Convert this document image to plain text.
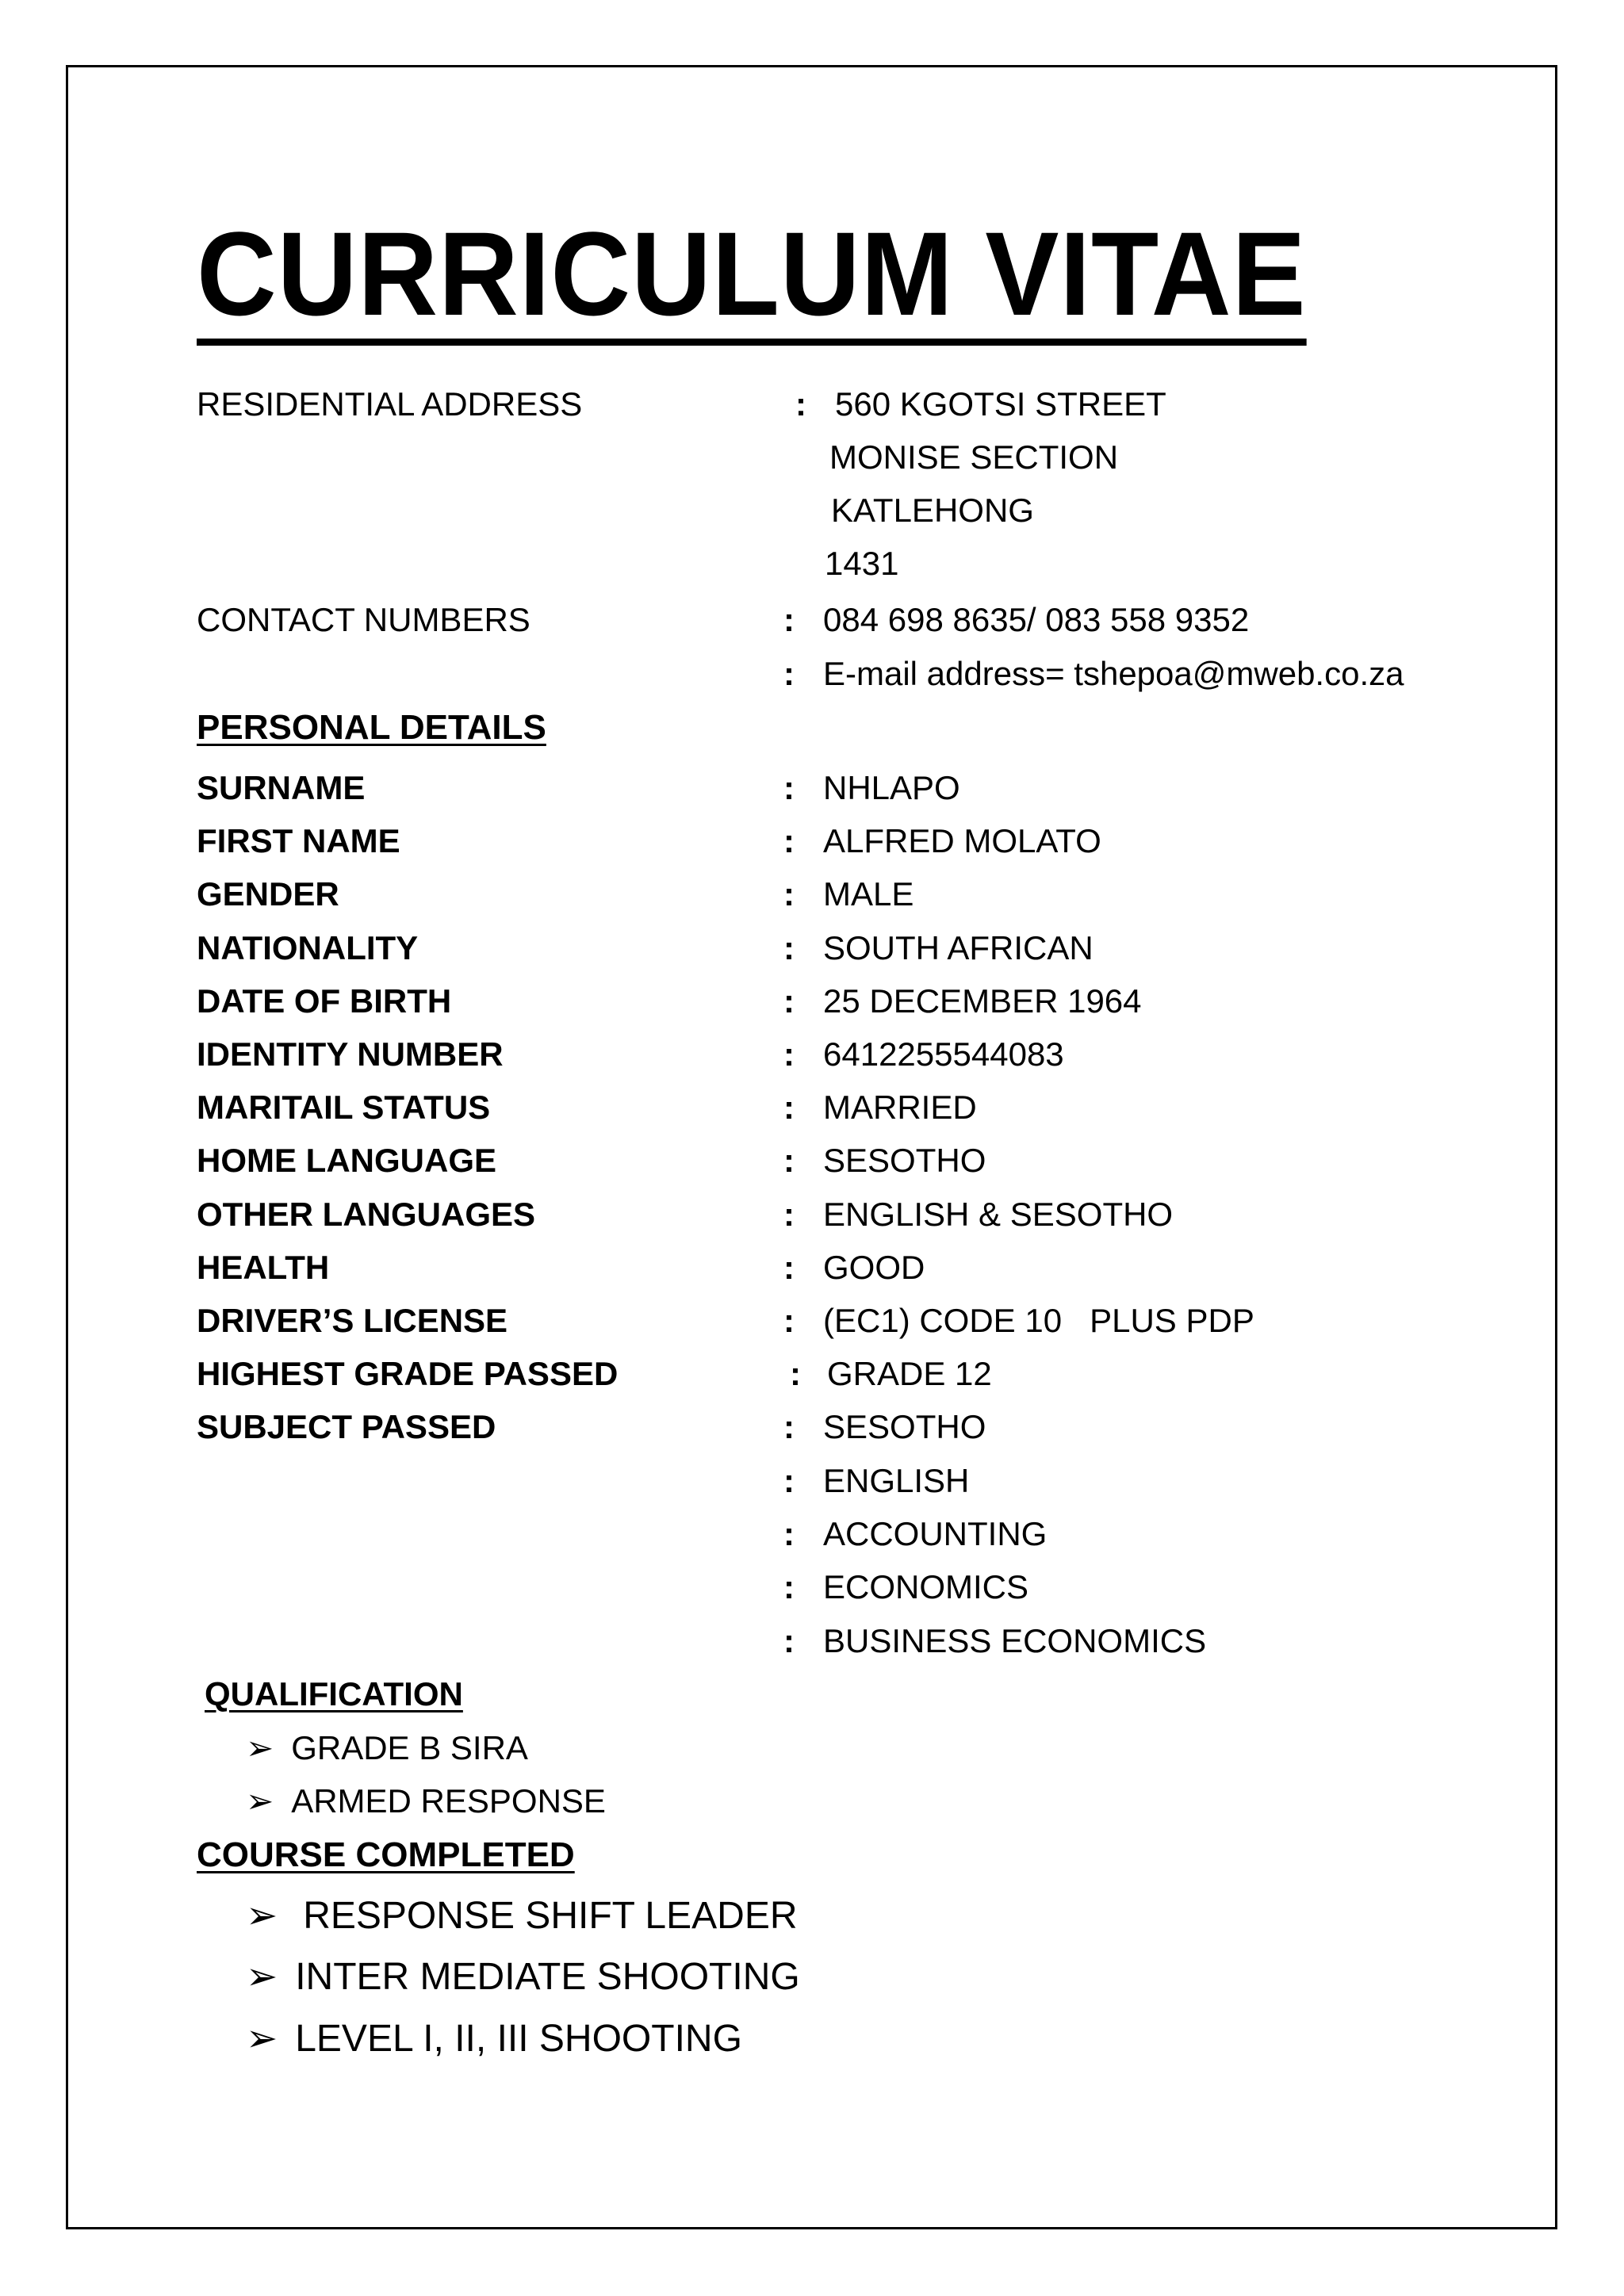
CURRICULUM VITAE
RESIDENTIAL ADDRESS	: 560 KGOTSI STREET
MONISE SECTION
KATLEHONG
1431
CONTACT NUMBERS	: 084 698 8635/ 083 558 9352
: E-mail address= tshepoa@mweb.co.za
PERSONAL DETAILS
SURNAME	: NHLAPO
FIRST NAME	: ALFRED MOLATO
GENDER	: MALE
NATIONALITY	: SOUTH AFRICAN
DATE OF BIRTH	: 25 DECEMBER 1964
IDENTITY NUMBER	: 6412255544083
MARITAIL STATUS	: MARRIED
HOME LANGUAGE	: SESOTHO
OTHER LANGUAGES	: ENGLISH & SESOTHO
HEALTH	: GOOD
DRIVER’S LICENSE	: (EC1) CODE 10   PLUS PDP
HIGHEST GRADE PASSED	: GRADE 12
SUBJECT PASSED	: SESOTHO
: ENGLISH
: ACCOUNTING
: ECONOMICS
: BUSINESS ECONOMICS
QUALIFICATION
➢ GRADE B SIRA
➢ ARMED RESPONSE
COURSE COMPLETED
➢ RESPONSE SHIFT LEADER
➢ INTER MEDIATE SHOOTING
➢ LEVEL I, II, III SHOOTING
